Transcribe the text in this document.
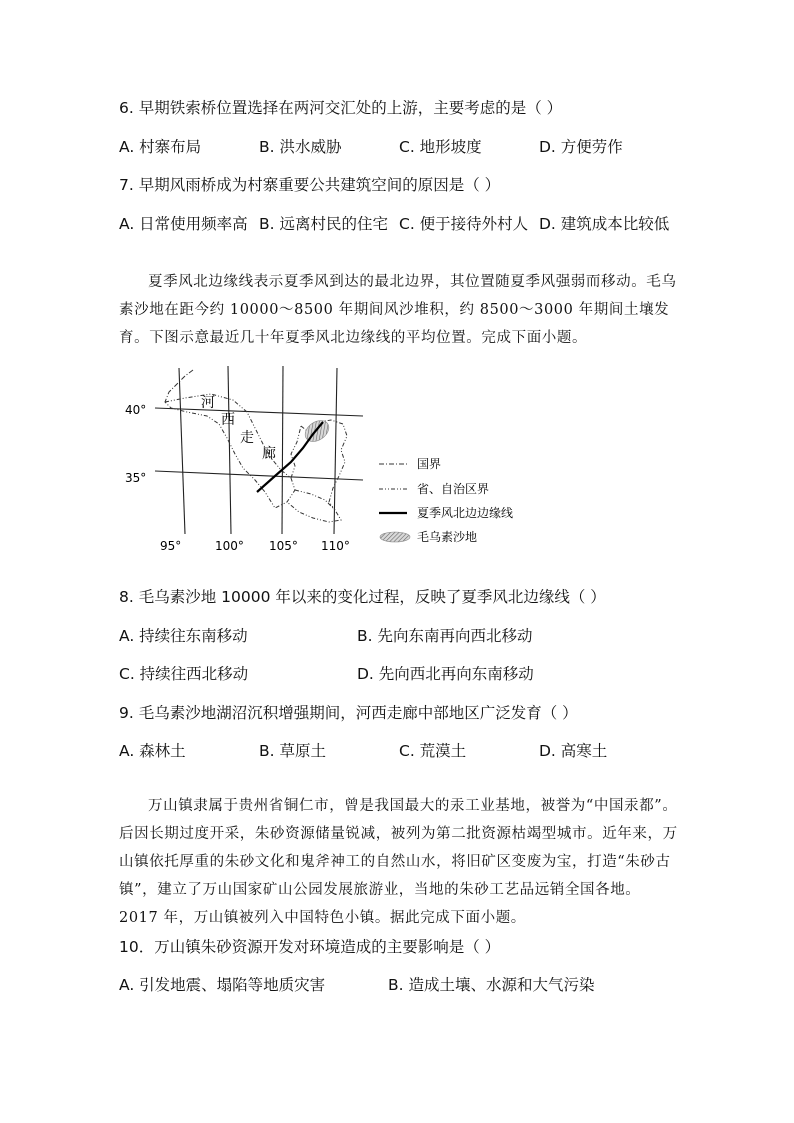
6. 早期铁索桥位置选择在两河交汇处的上游，主要考虑的是（ ）
A. 村寨布局	B. 洪水威胁	C. 地形坡度	D. 方便劳作
7. 早期风雨桥成为村寨重要公共建筑空间的原因是（ ）
A. 日常使用频率高 B. 远离村民的住宅 C. 便于接待外村人 D. 建筑成本比较低

夏季风北边缘线表示夏季风到达的最北边界，其位置随夏季风强弱而移动。毛乌素沙地在距今约 10000～8500 年期间风沙堆积，约 8500～3000 年期间土壤发育。下图示意最近几十年夏季风北边缘线的平均位置。完成下面小题。

河
西
走
廊
40°
35°
95°	100° 105° 110°
国界
省、自治区界
夏季风北边边缘线
毛乌素沙地
8. 毛乌素沙地 10000 年以来的变化过程，反映了夏季风北边缘线（ ）
A. 持续往东南移动	B. 先向东南再向西北移动
C. 持续往西北移动	D. 先向西北再向东南移动
9. 毛乌素沙地湖沼沉积增强期间，河西走廊中部地区广泛发育（ ）
A. 森林土	B. 草原土	C. 荒漠土	D. 高寒土

万山镇隶属于贵州省铜仁市，曾是我国最大的汞工业基地，被誉为“中国汞都”。后因长期过度开采，朱砂资源储量锐减，被列为第二批资源枯竭型城市。近年来，万山镇依托厚重的朱砂文化和鬼斧神工的自然山水，将旧矿区变废为宝，打造“朱砂古镇”，建立了万山国家矿山公园发展旅游业，当地的朱砂工艺品远销全国各地。2017 年，万山镇被列入中国特色小镇。据此完成下面小题。

10．万山镇朱砂资源开发对环境造成的主要影响是（ ）
A. 引发地震、塌陷等地质灾害	B. 造成土壤、水源和大气污染
